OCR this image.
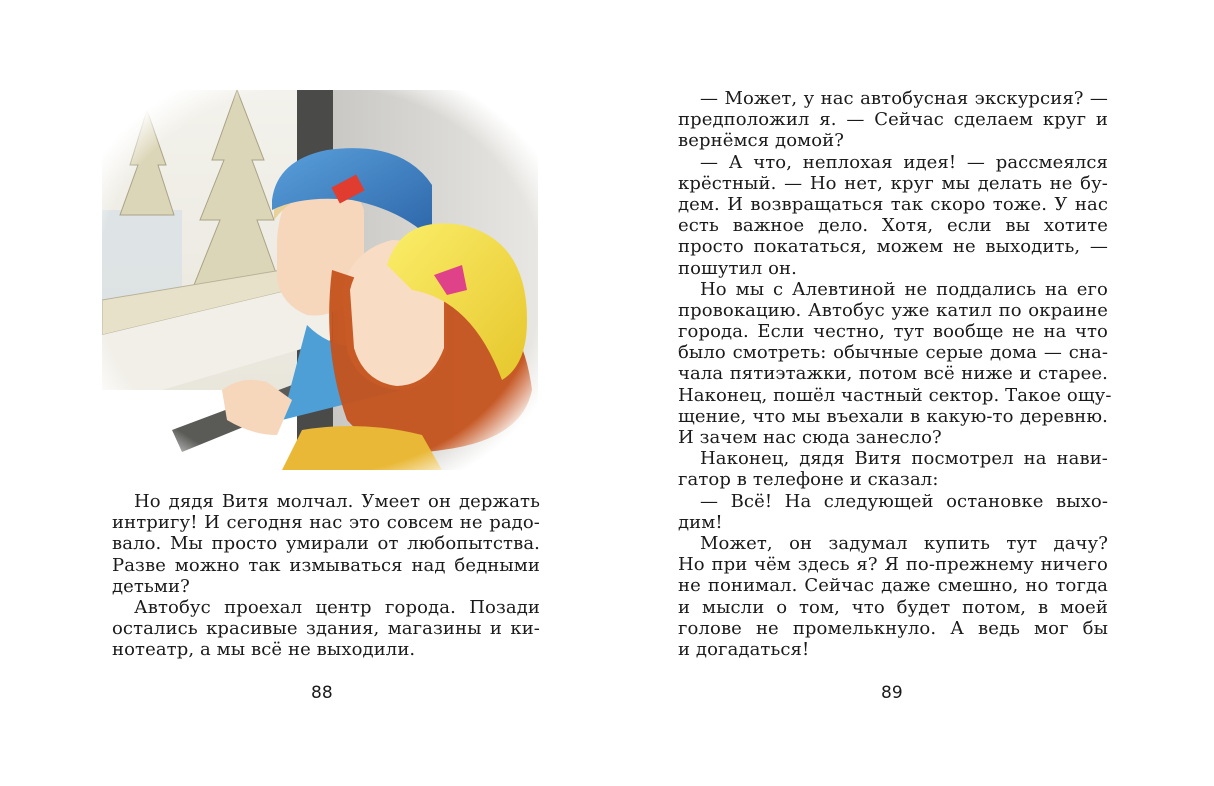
Но дядя Витя молчал. Умеет он держать
интригу! И сегодня нас это совсем не радо-
вало. Мы просто умирали от любопытства.
Разве можно так измываться над бедными
детьми?
Автобус проехал центр города. Позади
остались красивые здания, магазины и ки-
нотеатр, а мы всё не выходили.
88
— Может, у нас автобусная экскурсия? —
предположил я. — Сейчас сделаем круг и
вернёмся домой?
— А что, неплохая идея! — рассмеялся
крёстный. — Но нет, круг мы делать не бу-
дем. И возвращаться так скоро тоже. У нас
есть важное дело. Хотя, если вы хотите
просто покататься, можем не выходить, —
пошутил он.
Но мы с Алевтиной не поддались на его
провокацию. Автобус уже катил по окраине
города. Если честно, тут вообще не на что
было смотреть: обычные серые дома — сна-
чала пятиэтажки, потом всё ниже и старее.
Наконец, пошёл частный сектор. Такое ощу-
щение, что мы въехали в какую-то деревню.
И зачем нас сюда занесло?
Наконец, дядя Витя посмотрел на нави-
гатор в телефоне и сказал:
— Всё! На следующей остановке выхо-
дим!
Может, он задумал купить тут дачу?
Но при чём здесь я? Я по-прежнему ничего
не понимал. Сейчас даже смешно, но тогда
и мысли о том, что будет потом, в моей
голове не промелькнуло. А ведь мог бы
и догадаться!
89
